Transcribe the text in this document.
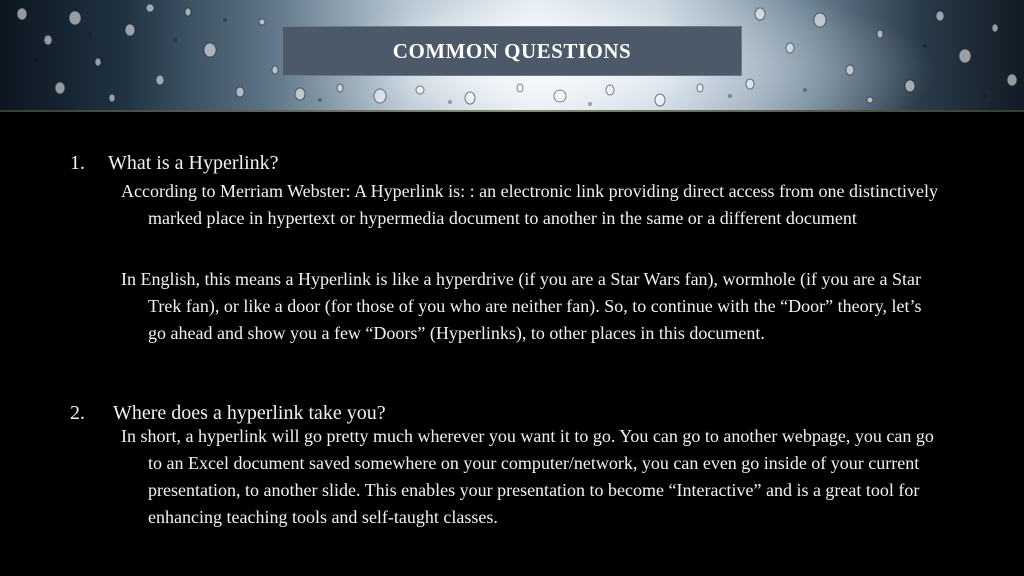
COMMON QUESTIONS
1. What is a Hyperlink?
According to Merriam Webster: A Hyperlink is: : an electronic link providing direct access from one distinctively marked place in hypertext or hypermedia document to another in the same or a different document
In English, this means a Hyperlink is like a hyperdrive (if you are a Star Wars fan), wormhole (if you are a Star Trek fan), or like a door (for those of you who are neither fan). So, to continue with the “Door” theory, let’s go ahead and show you a few “Doors” (Hyperlinks), to other places in this document.
2. Where does a hyperlink take you?
In short, a hyperlink will go pretty much wherever you want it to go. You can go to another webpage, you can go to an Excel document saved somewhere on your computer/network, you can even go inside of your current presentation, to another slide. This enables your presentation to become “Interactive” and is a great tool for enhancing teaching tools and self-taught classes.
